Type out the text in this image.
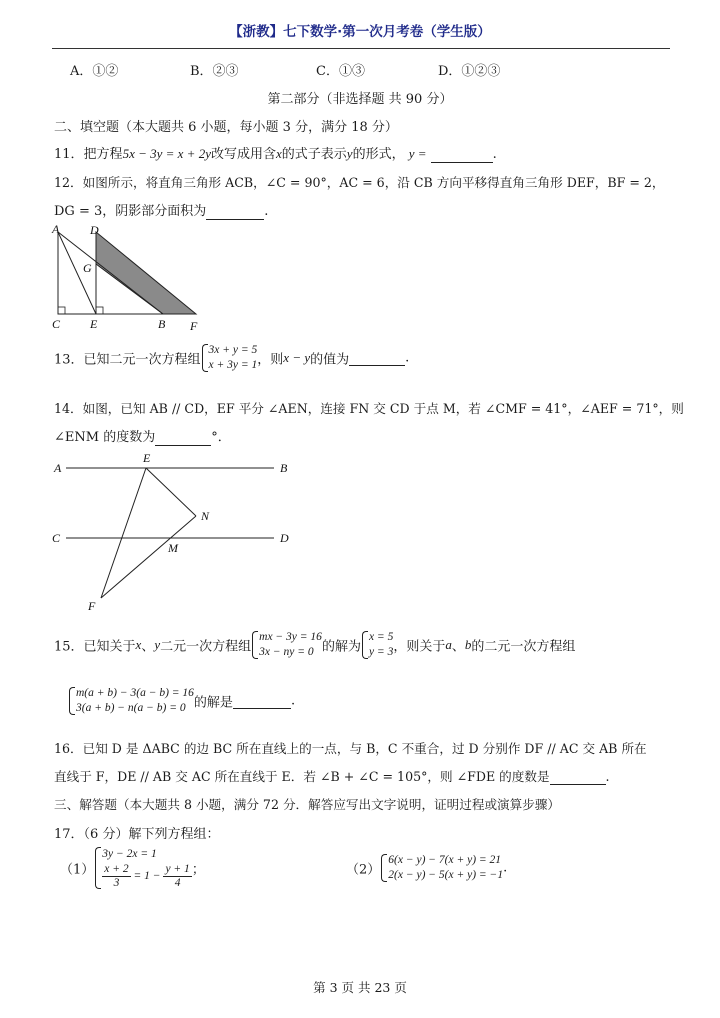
【浙教】七下数学·第一次月考卷（学生版）
A．①②	B．②③	C．①③	D．①②③
第二部分（非选择题 共 90 分）
二、填空题（本大题共 6 小题，每小题 3 分，满分 18 分）
11．把方程5x − 3y = x + 2y改写成用含x的式子表示y的形式， y =	.
12．如图所示，将直角三角形 ACB，∠C = 90°，AC = 6，沿 CB 方向平移得直角三角形 DEF，BF = 2，
DG = 3，阴影部分面积为	.
A	D
G
C E	B F
13．已知二元一次方程组3x + y = 5
x + 3y = 1，则x − y的值为	.
14．如图，已知 AB // CD，EF 平分 ∠AEN，连接 FN 交 CD 于点 M，若 ∠CMF = 41°，∠AEF = 71°，则
∠ENM 的度数为	°．
A
E
B
N
C
M
D
F
15．已知关于x、y二元一次方程组mx − 3y = 16
3x − ny = 0 的解为x = 5
y = 3，则关于a、b的二元一次方程组
m(a + b) − 3(a − b) = 16
3(a + b) − n(a − b) = 0 的解是	.
16．已知 D 是 ΔABC 的边 BC 所在直线上的一点，与 B，C 不重合，过 D 分别作 DF // AC 交 AB 所在
直线于 F，DE // AB 交 AC 所在直线于 E．若 ∠B + ∠C = 105°，则 ∠FDE 的度数是	.
三、解答题（本大题共 8 小题，满分 72 分．解答应写出文字说明，证明过程或演算步骤）
17．（6 分）解下列方程组：
（1）3y − 2x = 1

$\frac{x + 2}{3} = 1 - \frac{y + 1}{4}$ ；	（2）6(x − y) − 7(x + y) = 21
2(x − y) − 5(x + y) = −1.
第 3 页 共 23 页
